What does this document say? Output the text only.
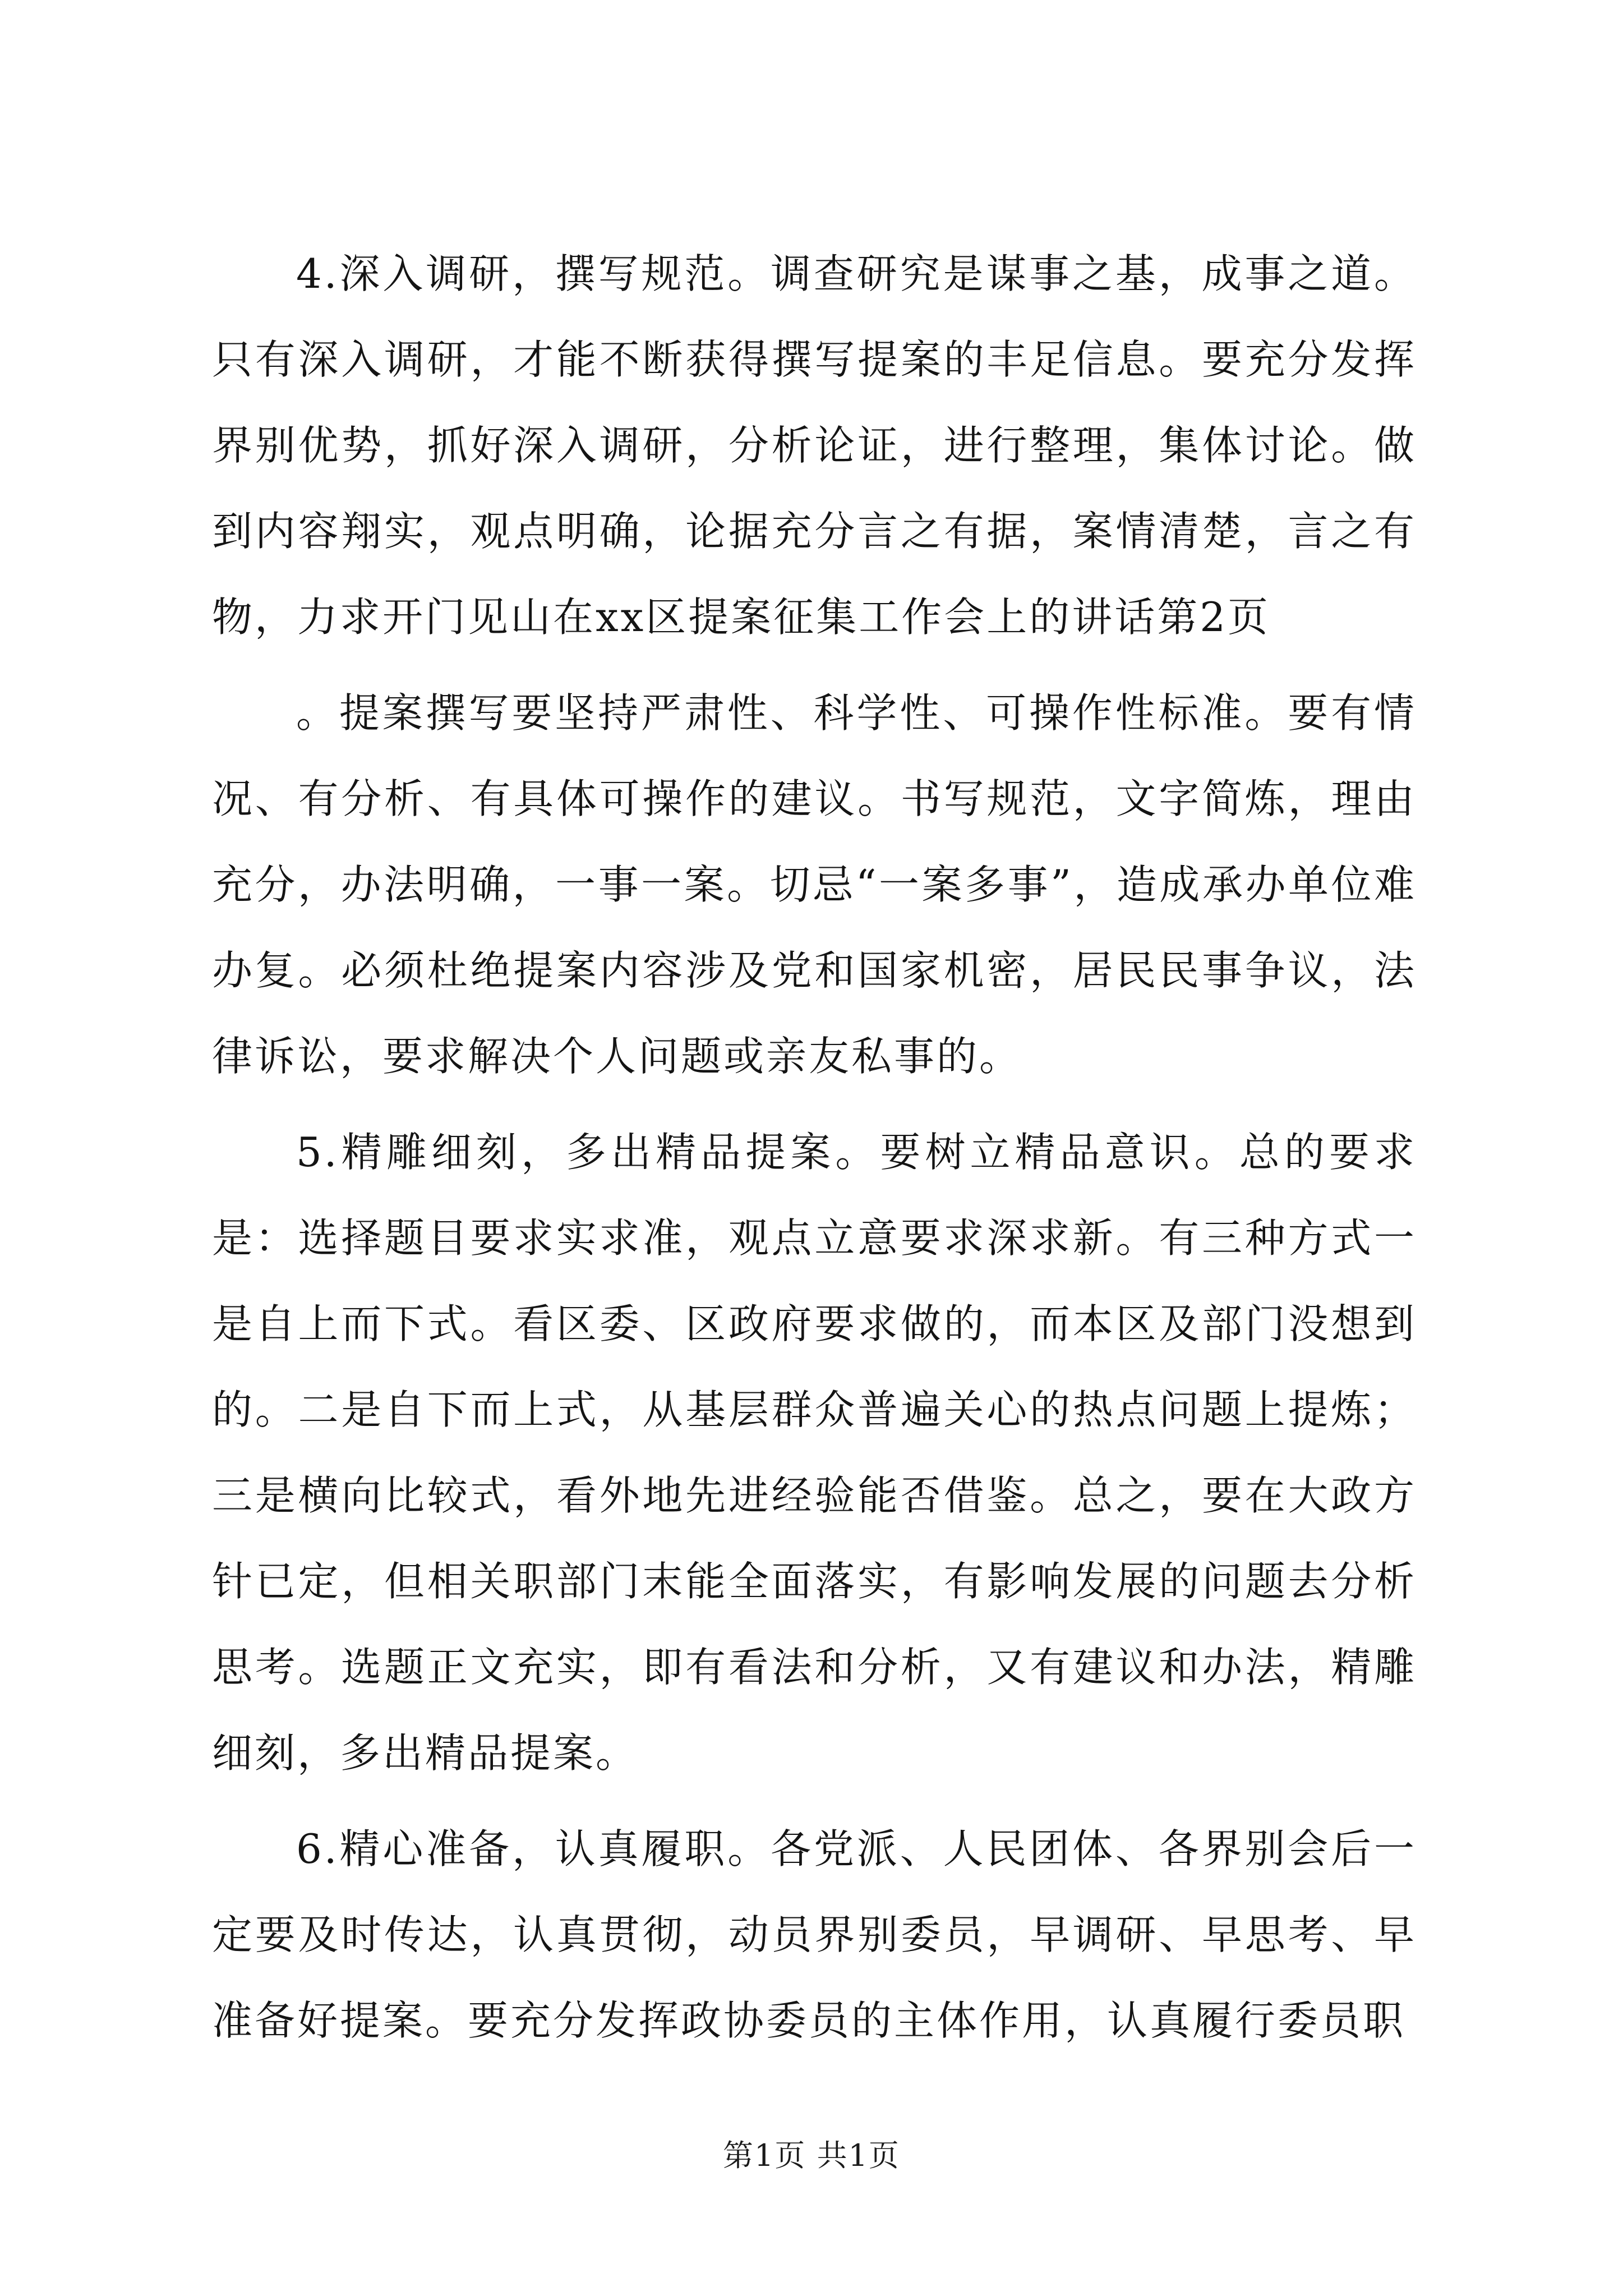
4.深入调研，撰写规范。调查研究是谋事之基，成事之道。只有深入调研，才能不断获得撰写提案的丰足信息。要充分发挥界别优势，抓好深入调研，分析论证，进行整理，集体讨论。做到内容翔实，观点明确，论据充分言之有据，案情清楚，言之有物，力求开门见山在xx区提案征集工作会上的讲话第2页

。提案撰写要坚持严肃性、科学性、可操作性标准。要有情况、有分析、有具体可操作的建议。书写规范，文字简炼，理由充分，办法明确，一事一案。切忌“一案多事”，造成承办单位难办复。必须杜绝提案内容涉及党和国家机密，居民民事争议，法律诉讼，要求解决个人问题或亲友私事的。

5.精雕细刻，多出精品提案。要树立精品意识。总的要求是：选择题目要求实求准，观点立意要求深求新。有三种方式一是自上而下式。看区委、区政府要求做的，而本区及部门没想到的。二是自下而上式，从基层群众普遍关心的热点问题上提炼；三是横向比较式，看外地先进经验能否借鉴。总之，要在大政方针已定，但相关职部门末能全面落实，有影响发展的问题去分析思考。选题正文充实，即有看法和分析，又有建议和办法，精雕细刻，多出精品提案。

6.精心准备，认真履职。各党派、人民团体、各界别会后一定要及时传达，认真贯彻，动员界别委员，早调研、早思考、早准备好提案。要充分发挥政协委员的主体作用，认真履行委员职

第1页 共1页
